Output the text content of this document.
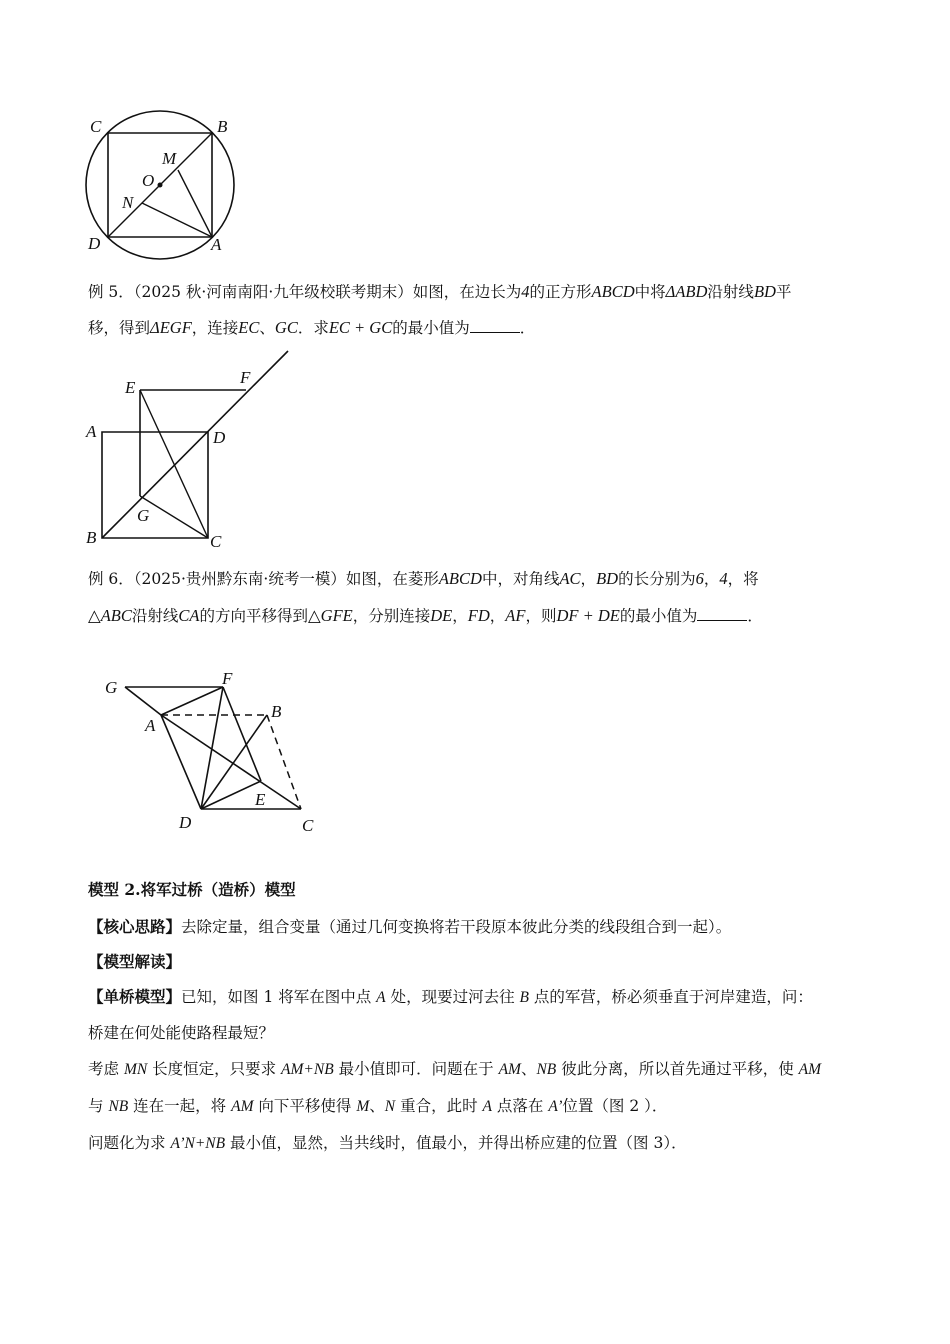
C	B
M
O
N
D	A
例 5．（2025 秋·河南南阳·九年级校联考期末）如图，在边长为4的正方形ABCD中将ΔABD沿射线BD平
移，得到ΔEGF，连接EC、GC．求EC + GC的最小值为	．
E
F
A	D
G
B	C
例 6．（2025·贵州黔东南·统考一模）如图，在菱形ABCD中，对角线AC，BD的长分别为6，4，将
△ABC沿射线CA的方向平移得到△GFE，分别连接DE，FD，AF，则DF + DE的最小值为	．
G	F
A
B
E
D	C
模型 2.将军过桥（造桥）模型
【核心思路】去除定量，组合变量（通过几何变换将若干段原本彼此分类的线段组合到一起）。
【模型解读】
【单桥模型】已知，如图 1 将军在图中点 A 处，现要过河去往 B 点的军营，桥必须垂直于河岸建造，问：
桥建在何处能使路程最短？
考虑 MN 长度恒定，只要求 AM+NB 最小值即可．问题在于 AM、NB 彼此分离，所以首先通过平移，使 AM
与 NB 连在一起，将 AM 向下平移使得 M、N 重合，此时 A 点落在 A’位置（图 2 ）．
问题化为求 A’N+NB 最小值，显然，当共线时，值最小，并得出桥应建的位置（图 3）．
